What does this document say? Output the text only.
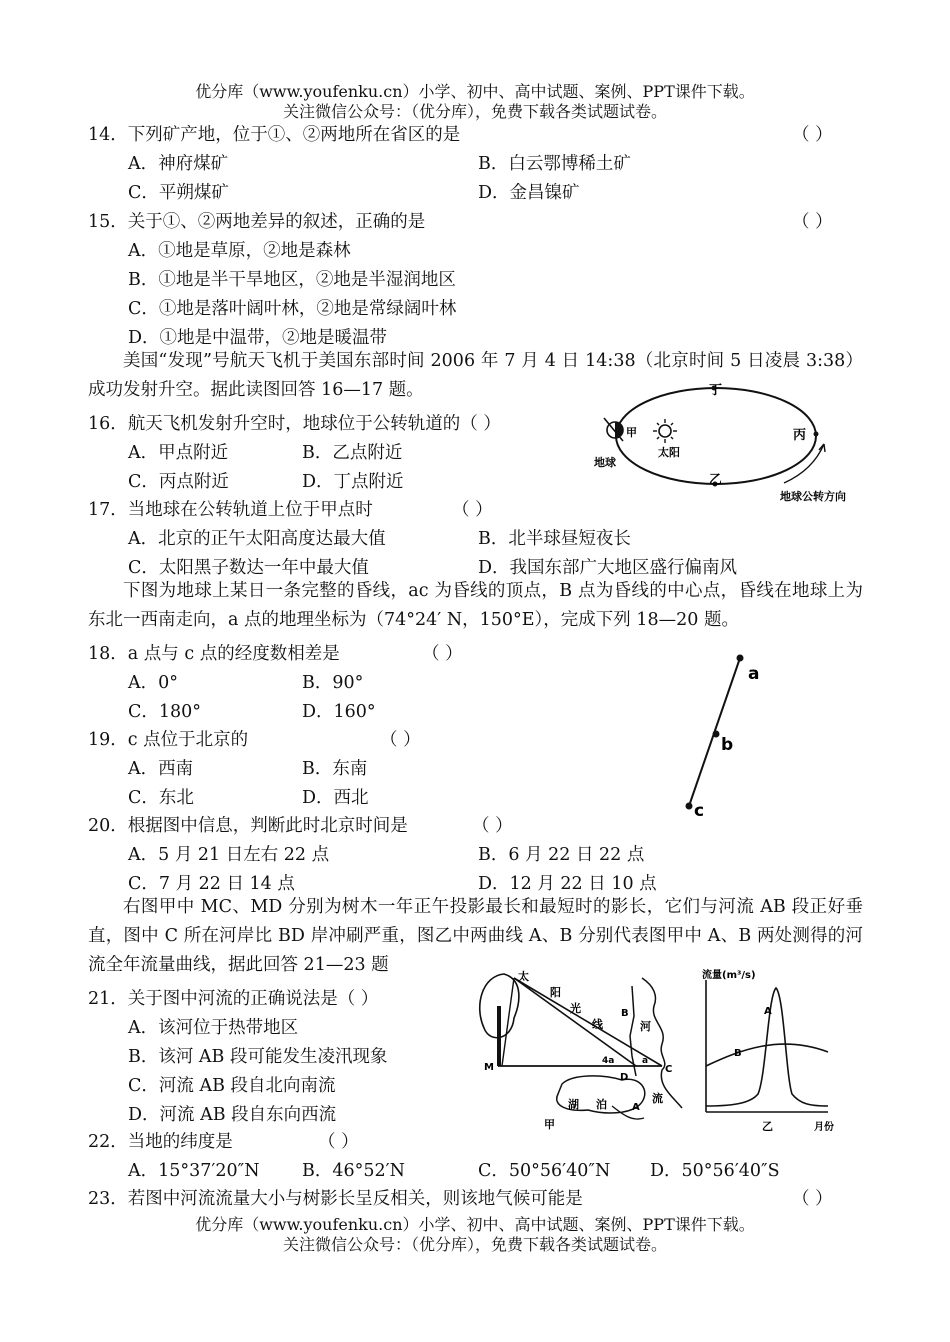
优分库（www.youfenku.cn）小学、初中、高中试题、案例、PPT课件下载。
关注微信公众号：（优分库），免费下载各类试题试卷。
14．下列矿产地，位于①、②两地所在省区的是	（ ）
A．神府煤矿	B．白云鄂博稀土矿
C．平朔煤矿	D．金昌镍矿
15．关于①、②两地差异的叙述，正确的是	（ ）
A．①地是草原，②地是森林
B．①地是半干旱地区，②地是半湿润地区
C．①地是落叶阔叶林，②地是常绿阔叶林
D．①地是中温带，②地是暖温带
美国“发现”号航天飞机于美国东部时间 2006 年 7 月 4 日 14:38（北京时间 5 日凌晨 3:38）成功发射升空。据此读图回答 16—17 题。
16．航天飞机发射升空时，地球位于公转轨道的（ ）
A．甲点附近	B．乙点附近
C．丙点附近	D．丁点附近
丁
乙
丙
甲
太阳
地球
地球公转方向
17．当地球在公转轨道上位于甲点时	（ ）
A．北京的正午太阳高度达最大值	B．北半球昼短夜长
C．太阳黑子数达一年中最大值	D．我国东部广大地区盛行偏南风
下图为地球上某日一条完整的昏线，ac 为昏线的顶点，B 点为昏线的中心点，昏线在地球上为东北一西南走向，a 点的地理坐标为（74°24′ N，150°E），完成下列 18—20 题。
18．a 点与 c 点的经度数相差是	（ ）
A．0°	B．90°
C．180°	D．160°
a
b
c
19．c 点位于北京的	（ ）
A．西南	B．东南
C．东北	D．西北
20．根据图中信息，判断此时北京时间是	（ ）
A．5 月 21 日左右 22 点	B．6 月 22 日 22 点
C．7 月 22 日 14 点	D．12 月 22 日 10 点
右图甲中 MC、MD 分别为树木一年正午投影最长和最短时的影长，它们与河流 AB 段正好垂直，图中 C 所在河岸比 BD 岸冲刷严重，图乙中两曲线 A、B 分别代表图甲中 A、B 两处测得的河流全年流量曲线，据此回答 21—23 题
21．关于图中河流的正确说法是（ ）
A．该河位于热带地区
B．该河 AB 段可能发生凌汛现象
C．河流 AB 段自北向南流
D．河流 AB 段自东向西流
太
阳
光
线	河
流
湖 泊
M	C
D
A
B
4a	a
甲
流量(m³/s)
A
B
乙	月份
22．当地的纬度是	（ ）
A．15°37′20″N B．46°52′N	C．50°56′40″N D．50°56′40″S
23．若图中河流流量大小与树影长呈反相关，则该地气候可能是	（ ）
优分库（www.youfenku.cn）小学、初中、高中试题、案例、PPT课件下载。
关注微信公众号：（优分库），免费下载各类试题试卷。
